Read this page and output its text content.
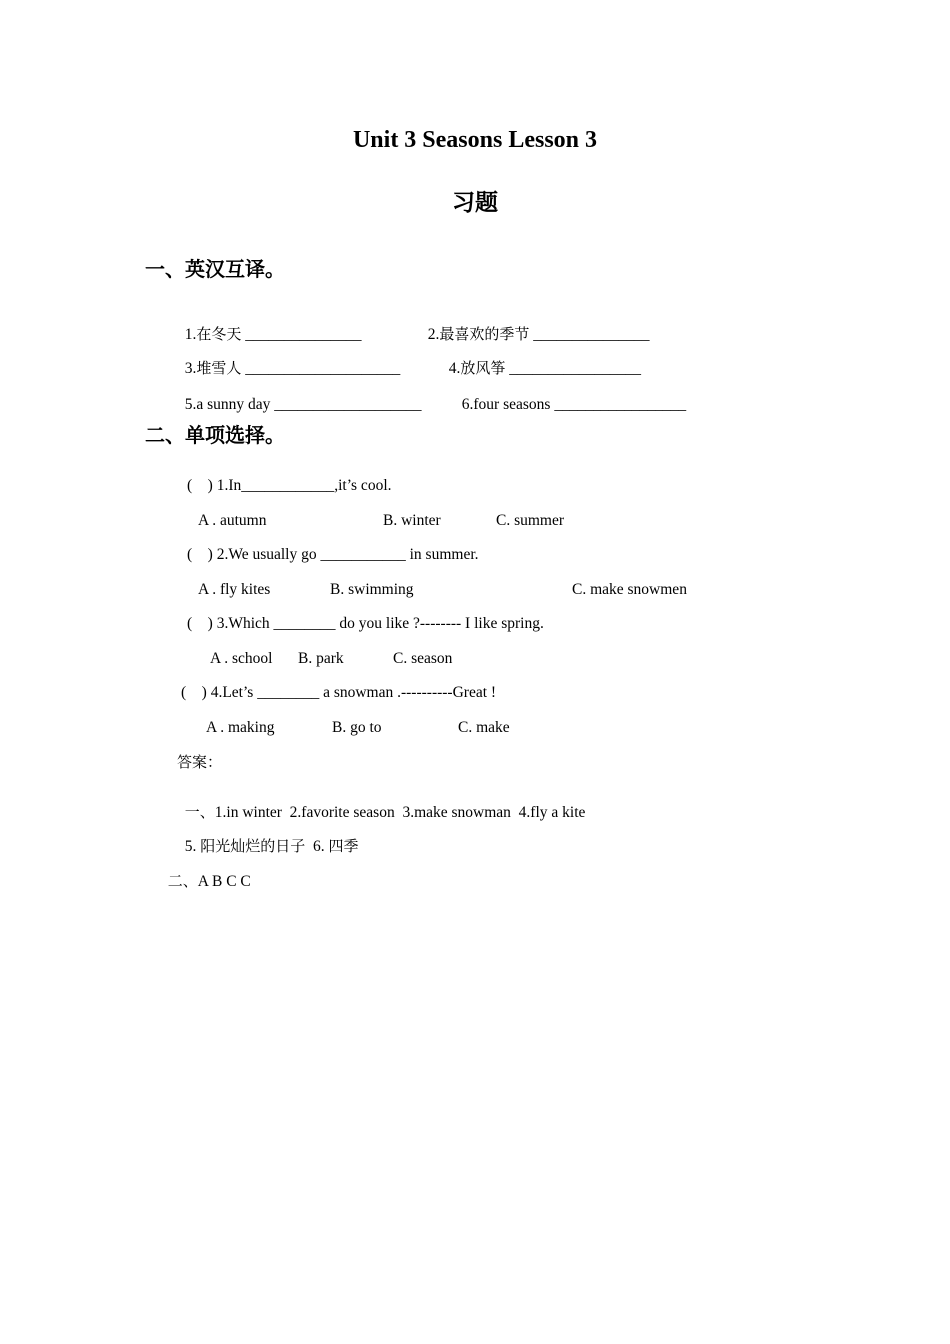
Unit 3 Seasons Lesson 3
习题
一、英汉互译。

1.在冬天 _______________	2.最喜欢的季节 _______________

3.堆雪人 ____________________	4.放风筝 _________________

5.a sunny day ___________________	6.four seasons _________________

二、单项选择。
(    ) 1.In____________,it’s cool.
A . autumn	B. winter	C. summer
(    ) 2.We usually go ___________ in summer.
A . fly kites	B. swimming	C. make snowmen
(    ) 3.Which ________ do you like ?-------- I like spring.
A . school B. park	C. season
(    ) 4.Let’s ________ a snowman .----------Great !
A . making	B. go to	C. make
答案：

一、1.in winter  2.favorite season  3.make snowman  4.fly a kite

5. 阳光灿烂的日子  6. 四季

二、A B C C
